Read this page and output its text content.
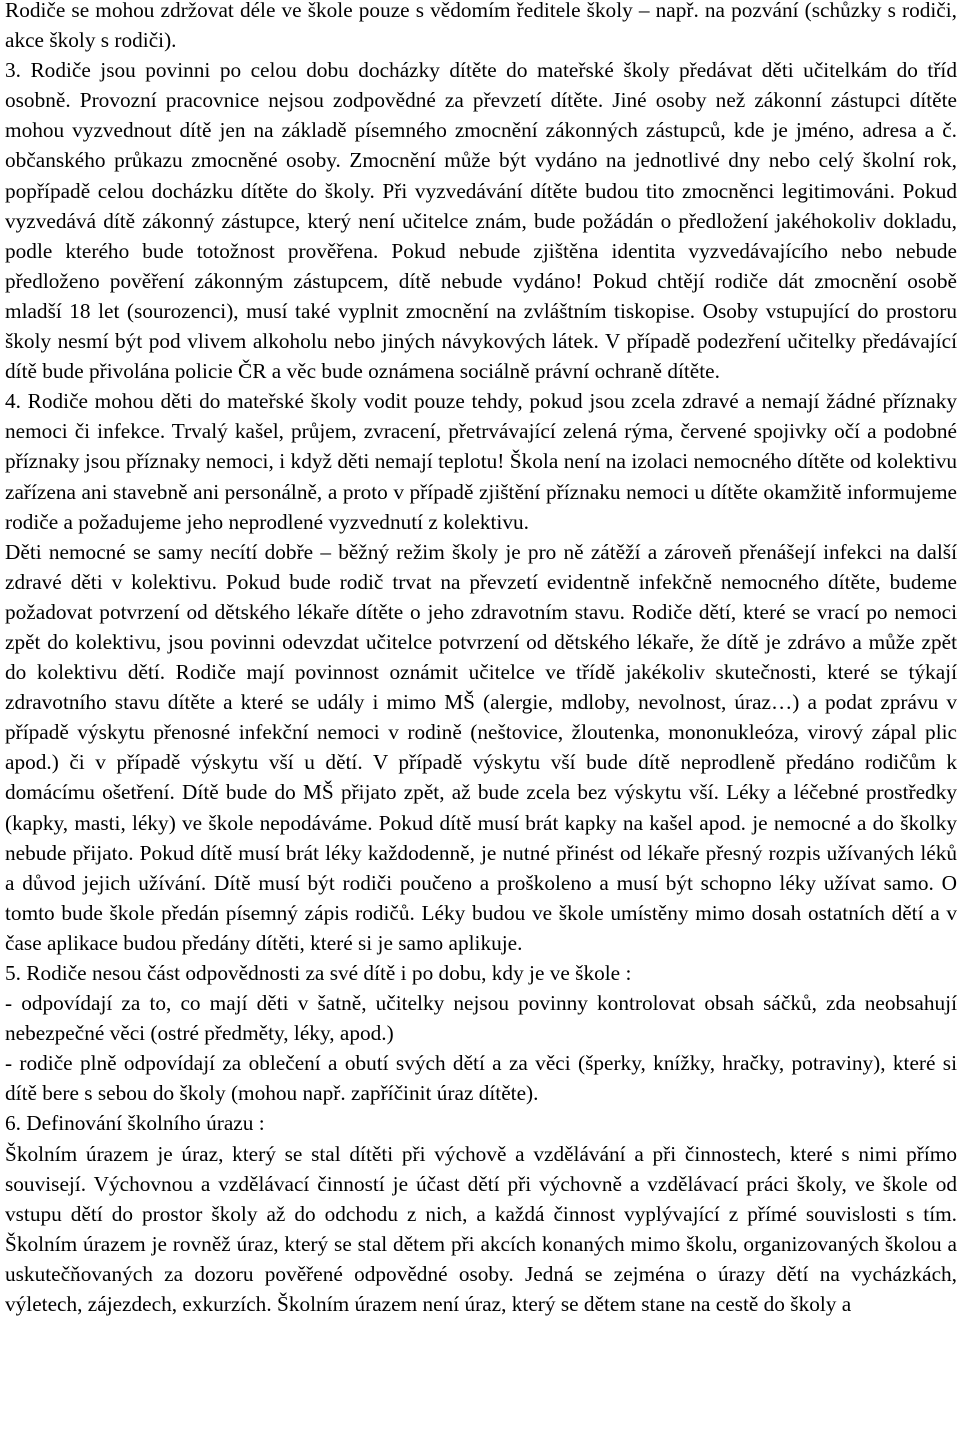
Rodiče se mohou zdržovat déle ve škole pouze s vědomím ředitele školy – např. na pozvání (schůzky s rodiči, akce školy s rodiči).

3. Rodiče jsou povinni po celou dobu docházky dítěte do mateřské školy předávat děti učitelkám do tříd osobně. Provozní pracovnice nejsou zodpovědné za převzetí dítěte. Jiné osoby než zákonní zástupci dítěte mohou vyzvednout dítě jen na základě písemného zmocnění zákonných zástupců, kde je jméno, adresa a č. občanského průkazu zmocněné osoby. Zmocnění může být vydáno na jednotlivé dny nebo celý školní rok, popřípadě celou docházku dítěte do školy. Při vyzvedávání dítěte budou tito zmocněnci legitimováni. Pokud vyzvedává dítě zákonný zástupce, který není učitelce znám, bude požádán o předložení jakéhokoliv dokladu, podle kterého bude totožnost prověřena. Pokud nebude zjištěna identita vyzvedávajícího nebo nebude předloženo pověření zákonným zástupcem, dítě nebude vydáno! Pokud chtějí rodiče dát zmocnění osobě mladší 18 let (sourozenci), musí také vyplnit zmocnění na zvláštním tiskopise. Osoby vstupující do prostoru školy nesmí být pod vlivem alkoholu nebo jiných návykových látek. V případě podezření učitelky předávající dítě bude přivolána policie ČR a věc bude oznámena sociálně právní ochraně dítěte.

4. Rodiče mohou děti do mateřské školy vodit pouze tehdy, pokud jsou zcela zdravé a nemají žádné příznaky nemoci či infekce. Trvalý kašel, průjem, zvracení, přetrvávající zelená rýma, červené spojivky očí a podobné příznaky jsou příznaky nemoci, i když děti nemají teplotu! Škola není na izolaci nemocného dítěte od kolektivu zařízena ani stavebně ani personálně, a proto v případě zjištění příznaku nemoci u dítěte okamžitě informujeme rodiče a požadujeme jeho neprodlené vyzvednutí z kolektivu.

Děti nemocné se samy necítí dobře – běžný režim školy je pro ně zátěží a zároveň přenášejí infekci na další zdravé děti v kolektivu. Pokud bude rodič trvat na převzetí evidentně infekčně nemocného dítěte, budeme požadovat potvrzení od dětského lékaře dítěte o jeho zdravotním stavu. Rodiče dětí, které se vrací po nemoci zpět do kolektivu, jsou povinni odevzdat učitelce potvrzení od dětského lékaře, že dítě je zdrávo a může zpět do kolektivu dětí. Rodiče mají povinnost oznámit učitelce ve třídě jakékoliv skutečnosti, které se týkají zdravotního stavu dítěte a které se udály i mimo MŠ (alergie, mdloby, nevolnost, úraz…) a podat zprávu v případě výskytu přenosné infekční nemoci v rodině (neštovice, žloutenka, mononukleóza, virový zápal plic apod.) či v případě výskytu vší u dětí. V případě výskytu vší bude dítě neprodleně předáno rodičům k domácímu ošetření. Dítě bude do MŠ přijato zpět, až bude zcela bez výskytu vší. Léky a léčebné prostředky (kapky, masti, léky) ve škole nepodáváme. Pokud dítě musí brát kapky na kašel apod. je nemocné a do školky nebude přijato. Pokud dítě musí brát léky každodenně, je nutné přinést od lékaře přesný rozpis užívaných léků a důvod jejich užívání. Dítě musí být rodiči poučeno a proškoleno a musí být schopno léky užívat samo. O tomto bude škole předán písemný zápis rodičů. Léky budou ve škole umístěny mimo dosah ostatních dětí a v čase aplikace budou předány dítěti, které si je samo aplikuje.

5. Rodiče nesou část odpovědnosti za své dítě i po dobu, kdy je ve škole :

- odpovídají za to, co mají děti v šatně, učitelky nejsou povinny kontrolovat obsah sáčků, zda neobsahují nebezpečné věci (ostré předměty, léky, apod.)

- rodiče plně odpovídají za oblečení a obutí svých dětí a za věci (šperky, knížky, hračky, potraviny), které si dítě bere s sebou do školy (mohou např. zapříčinit úraz dítěte).

6. Definování školního úrazu :

Školním úrazem je úraz, který se stal dítěti při výchově a vzdělávání a při činnostech, které s nimi přímo souvisejí. Výchovnou a vzdělávací činností je účast dětí při výchovně a vzdělávací práci školy, ve škole od vstupu dětí do prostor školy až do odchodu z nich, a každá činnost vyplývající z přímé souvislosti s tím. Školním úrazem je rovněž úraz, který se stal dětem při akcích konaných mimo školu, organizovaných školou a uskutečňovaných za dozoru pověřené odpovědné osoby. Jedná se zejména o úrazy dětí na vycházkách, výletech, zájezdech, exkurzích. Školním úrazem není úraz, který se dětem stane na cestě do školy a
